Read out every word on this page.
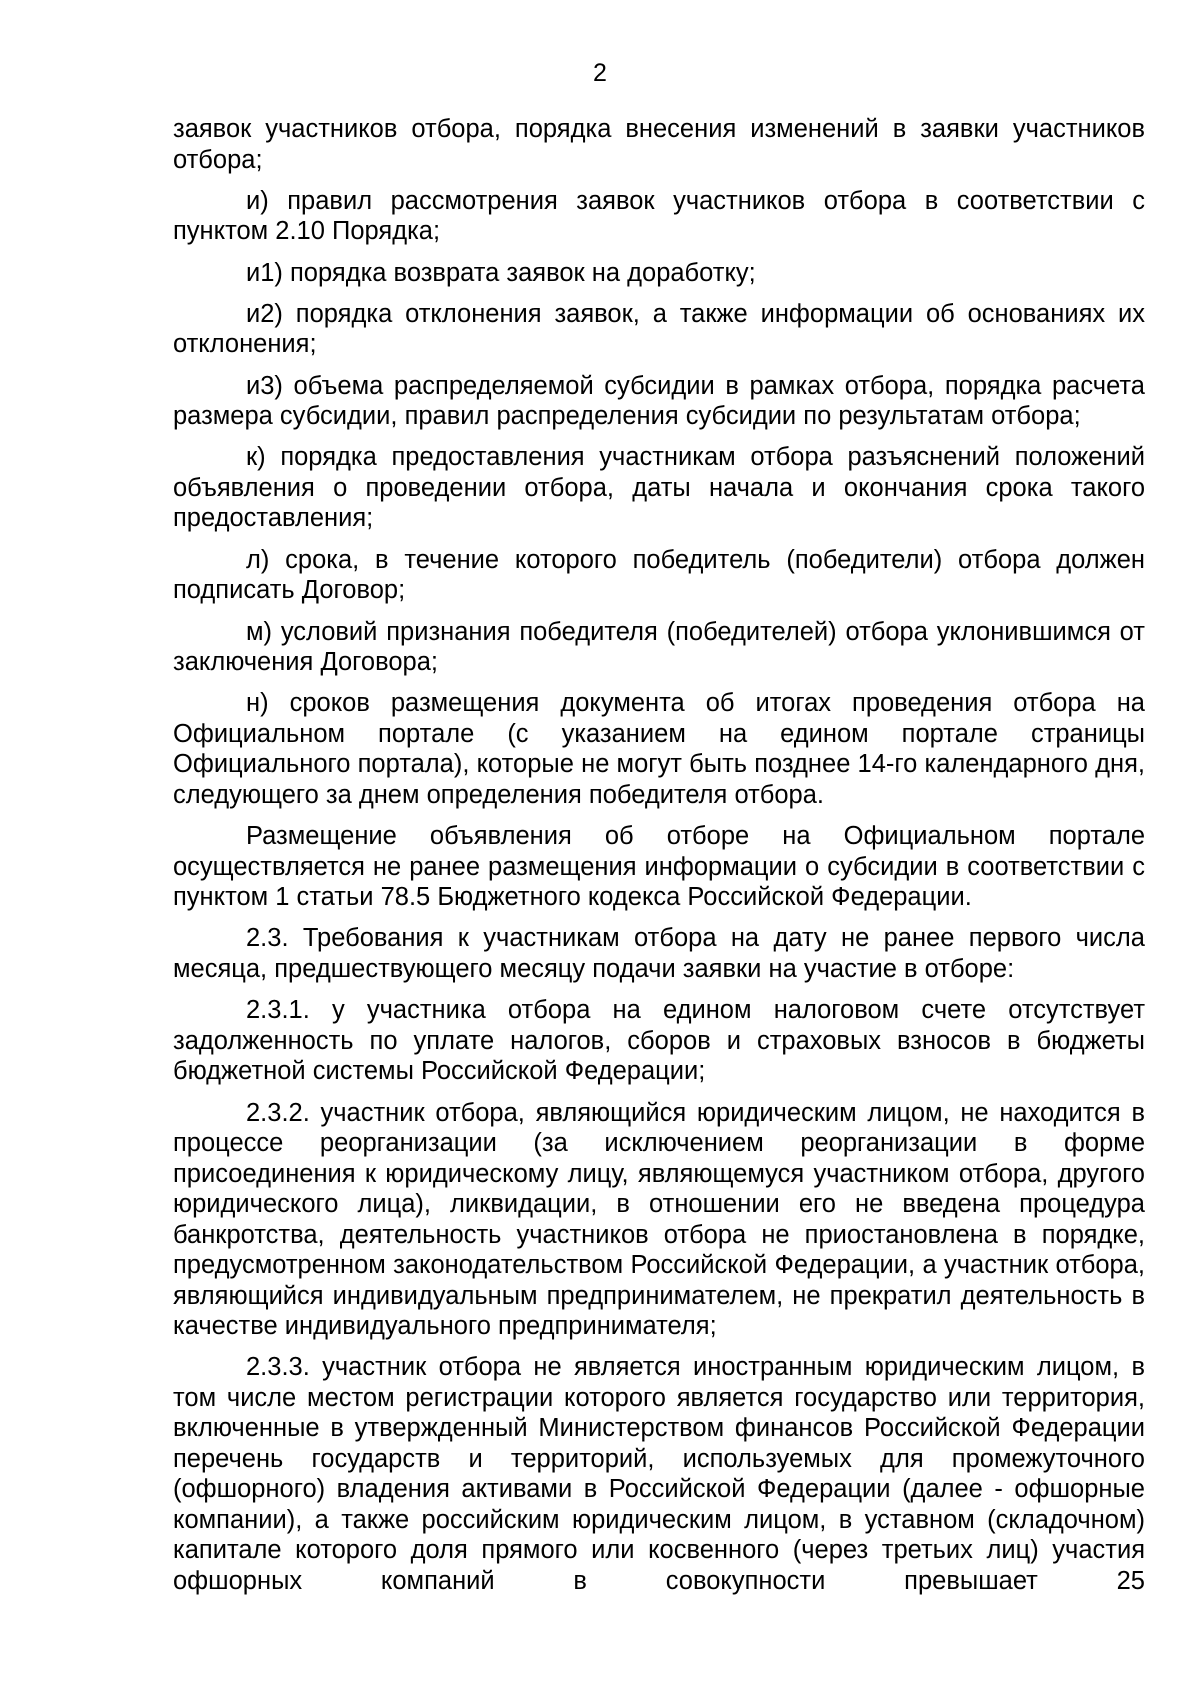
2

заявок участников отбора, порядка внесения изменений в заявки участников отбора;

и) правил рассмотрения заявок участников отбора в соответствии с пунктом 2.10 Порядка;

и1) порядка возврата заявок на доработку;

и2) порядка отклонения заявок, а также информации об основаниях их отклонения;

и3) объема распределяемой субсидии в рамках отбора, порядка расчета размера субсидии, правил распределения субсидии по результатам отбора;

к) порядка предоставления участникам отбора разъяснений положений объявления о проведении отбора, даты начала и окончания срока такого предоставления;

л) срока, в течение которого победитель (победители) отбора должен подписать Договор;

м) условий признания победителя (победителей) отбора уклонившимся от заключения Договора;

н) сроков размещения документа об итогах проведения отбора на Официальном портале (с указанием на едином портале страницы Официального портала), которые не могут быть позднее 14-го календарного дня, следующего за днем определения победителя отбора.

Размещение объявления об отборе на Официальном портале осуществляется не ранее размещения информации о субсидии в соответствии с пунктом 1 статьи 78.5 Бюджетного кодекса Российской Федерации.

2.3. Требования к участникам отбора на дату не ранее первого числа месяца, предшествующего месяцу подачи заявки на участие в отборе:

2.3.1. у участника отбора на едином налоговом счете отсутствует задолженность по уплате налогов, сборов и страховых взносов в бюджеты бюджетной системы Российской Федерации;

2.3.2. участник отбора, являющийся юридическим лицом, не находится в процессе реорганизации (за исключением реорганизации в форме присоединения к юридическому лицу, являющемуся участником отбора, другого юридического лица), ликвидации, в отношении его не введена процедура банкротства, деятельность участников отбора не приостановлена в порядке, предусмотренном законодательством Российской Федерации, а участник отбора, являющийся индивидуальным предпринимателем, не прекратил деятельность в качестве индивидуального предпринимателя;

2.3.3. участник отбора не является иностранным юридическим лицом, в том числе местом регистрации которого является государство или территория, включенные в утвержденный Министерством финансов Российской Федерации перечень государств и территорий, используемых для промежуточного (офшорного) владения активами в Российской Федерации (далее - офшорные компании), а также российским юридическим лицом, в уставном (складочном) капитале которого доля прямого или косвенного (через третьих лиц) участия офшорных компаний в совокупности превышает 25
